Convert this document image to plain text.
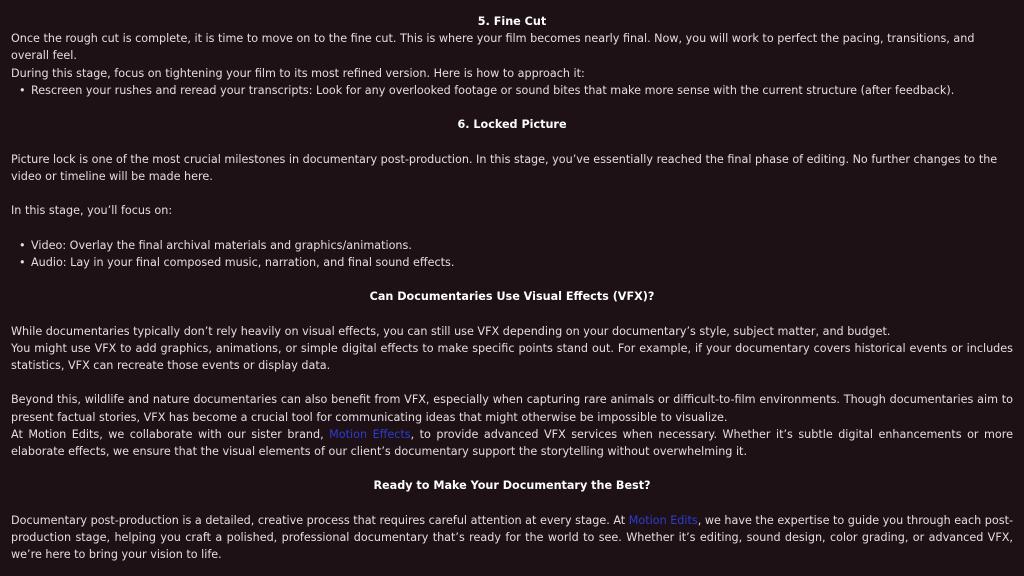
5. Fine Cut

Once the rough cut is complete, it is time to move on to the fine cut. This is where your film becomes nearly final. Now, you will work to perfect the pacing, transitions, and overall feel.

During this stage, focus on tightening your film to its most refined version. Here is how to approach it:

• Rescreen your rushes and reread your transcripts: Look for any overlooked footage or sound bites that make more sense with the current structure (after feedback).

6. Locked Picture

Picture lock is one of the most crucial milestones in documentary post-production. In this stage, you’ve essentially reached the final phase of editing. No further changes to the video or timeline will be made here.

In this stage, you’ll focus on:

• Video: Overlay the final archival materials and graphics/animations.
• Audio: Lay in your final composed music, narration, and final sound effects.

Can Documentaries Use Visual Effects (VFX)?

While documentaries typically don’t rely heavily on visual effects, you can still use VFX depending on your documentary’s style, subject matter, and budget.

You might use VFX to add graphics, animations, or simple digital effects to make specific points stand out. For example, if your documentary covers historical events or includes statistics, VFX can recreate those events or display data.

Beyond this, wildlife and nature documentaries can also benefit from VFX, especially when capturing rare animals or difficult-to-film environments. Though documentaries aim to present factual stories, VFX has become a crucial tool for communicating ideas that might otherwise be impossible to visualize.

At Motion Edits, we collaborate with our sister brand, Motion Effects, to provide advanced VFX services when necessary. Whether it’s subtle digital enhancements or more elaborate effects, we ensure that the visual elements of our client’s documentary support the storytelling without overwhelming it.

Ready to Make Your Documentary the Best?

Documentary post-production is a detailed, creative process that requires careful attention at every stage. At Motion Edits, we have the expertise to guide you through each post-production stage, helping you craft a polished, professional documentary that’s ready for the world to see. Whether it’s editing, sound design, color grading, or advanced VFX, we’re here to bring your vision to life.
